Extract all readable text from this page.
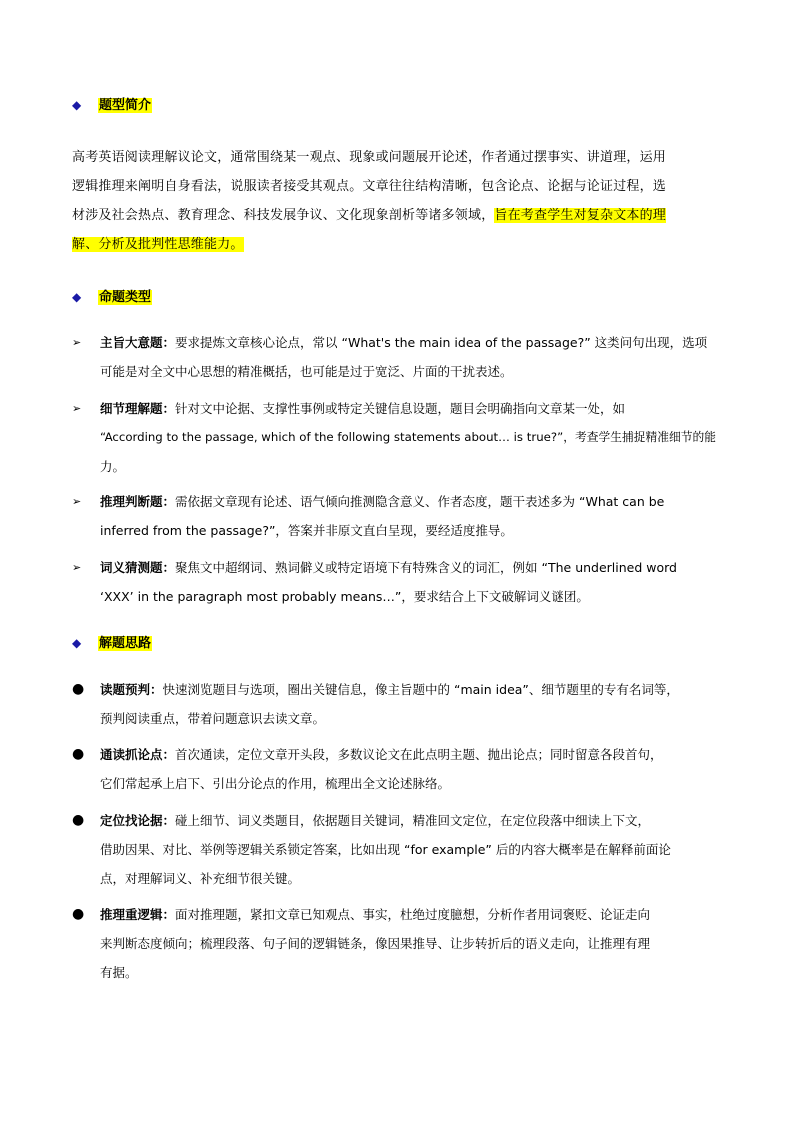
◆ 题型简介
高考英语阅读理解议论文，通常围绕某一观点、现象或问题展开论述，作者通过摆事实、讲道理，运用
逻辑推理来阐明自身看法，说服读者接受其观点。文章往往结构清晰，包含论点、论据与论证过程，选
材涉及社会热点、教育理念、科技发展争议、文化现象剖析等诸多领域，旨在考查学生对复杂文本的理
解、分析及批判性思维能力。
◆ 命题类型
➢	主旨大意题：要求提炼文章核心论点，常以 “What's the main idea of the passage?” 这类问句出现，选项
可能是对全文中心思想的精准概括，也可能是过于宽泛、片面的干扰表述。
➢	细节理解题：针对文中论据、支撑性事例或特定关键信息设题，题目会明确指向文章某一处，如
“According to the passage, which of the following statements about… is true?”，考查学生捕捉精准细节的能
力。
➢	推理判断题：需依据文章现有论述、语气倾向推测隐含意义、作者态度，题干表述多为 “What can be
inferred from the passage?”，答案并非原文直白呈现，要经适度推导。
➢	词义猜测题：聚焦文中超纲词、熟词僻义或特定语境下有特殊含义的词汇，例如 “The underlined word
‘XXX’ in the paragraph most probably means…”，要求结合上下文破解词义谜团。
◆ 解题思路
●	读题预判：快速浏览题目与选项，圈出关键信息，像主旨题中的 “main idea”、细节题里的专有名词等，
预判阅读重点，带着问题意识去读文章。
●	通读抓论点：首次通读，定位文章开头段，多数议论文在此点明主题、抛出论点；同时留意各段首句，
它们常起承上启下、引出分论点的作用，梳理出全文论述脉络。
●	定位找论据：碰上细节、词义类题目，依据题目关键词，精准回文定位，在定位段落中细读上下文，
借助因果、对比、举例等逻辑关系锁定答案，比如出现 “for example” 后的内容大概率是在解释前面论
点，对理解词义、补充细节很关键。
●	推理重逻辑：面对推理题，紧扣文章已知观点、事实，杜绝过度臆想，分析作者用词褒贬、论证走向
来判断态度倾向；梳理段落、句子间的逻辑链条，像因果推导、让步转折后的语义走向，让推理有理
有据。
